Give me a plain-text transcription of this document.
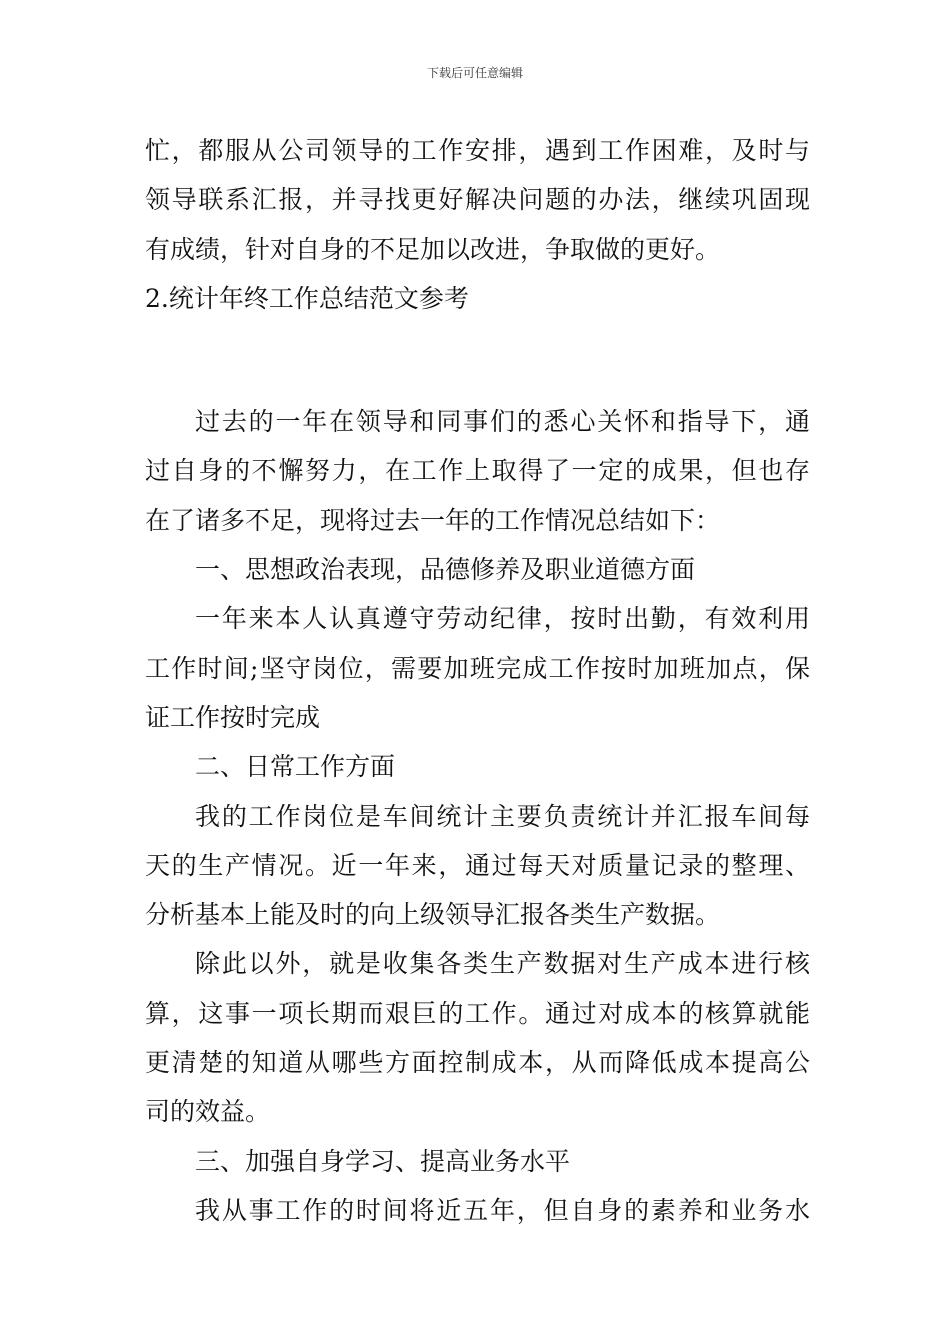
下载后可任意编辑
忙，都服从公司领导的工作安排，遇到工作困难，及时与
领导联系汇报，并寻找更好解决问题的办法，继续巩固现
有成绩，针对自身的不足加以改进，争取做的更好。
2.统计年终工作总结范文参考
过去的一年在领导和同事们的悉心关怀和指导下，通
过自身的不懈努力，在工作上取得了一定的成果，但也存
在了诸多不足，现将过去一年的工作情况总结如下：
一、思想政治表现，品德修养及职业道德方面
一年来本人认真遵守劳动纪律，按时出勤，有效利用
工作时间;坚守岗位，需要加班完成工作按时加班加点，保
证工作按时完成
二、日常工作方面
我的工作岗位是车间统计主要负责统计并汇报车间每
天的生产情况。近一年来，通过每天对质量记录的整理、
分析基本上能及时的向上级领导汇报各类生产数据。
除此以外，就是收集各类生产数据对生产成本进行核
算，这事一项长期而艰巨的工作。通过对成本的核算就能
更清楚的知道从哪些方面控制成本，从而降低成本提高公
司的效益。
三、加强自身学习、提高业务水平
我从事工作的时间将近五年，但自身的素养和业务水
